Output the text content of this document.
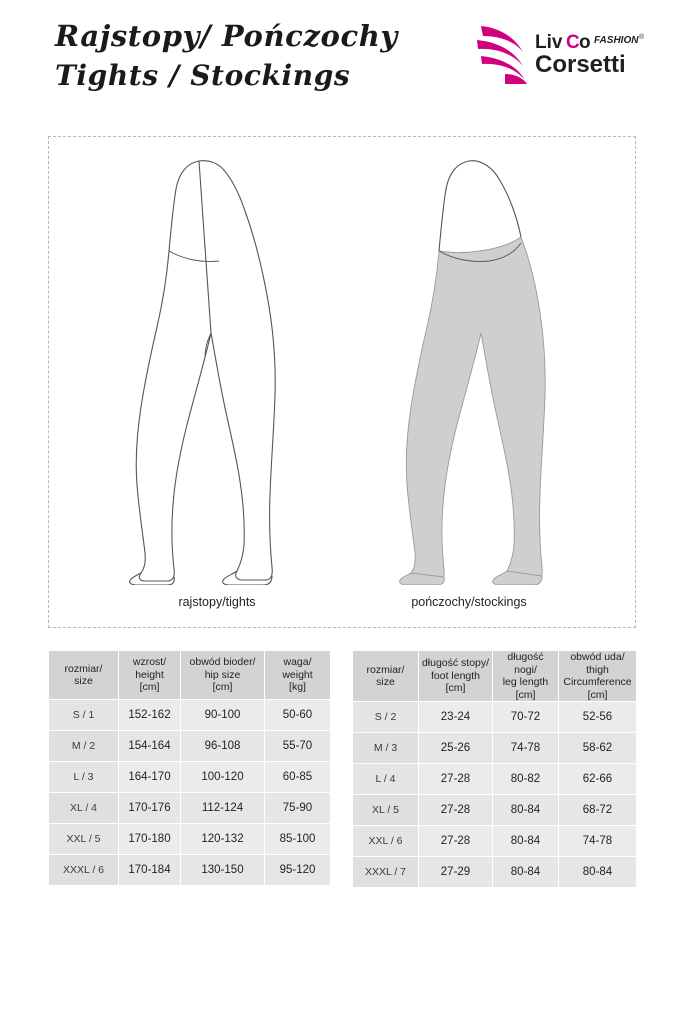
Rajstopy/ Pończochy
Tights / Stockings
Liv C o FASHION ®
Corsetti
rajstopy/tights	pończochy/stockings
rozmiar/
size	wzrost/
height
[cm]	obwód bioder/
hip size
[cm]	waga/
weight
[kg]

S / 1	152-162	90-100	50-60
M / 2	154-164	96-108	55-70
L / 3	164-170	100-120	60-85
XL / 4	170-176	112-124	75-90
XXL / 5	170-180	120-132	85-100
XXXL / 6	170-184	130-150	95-120
rozmiar/
size	długość stopy/
foot length
[cm]	długość nogi/
leg length
[cm]	obwód uda/
thigh
Circumference
[cm]

S / 2	23-24	70-72	52-56
M / 3	25-26	74-78	58-62
L / 4	27-28	80-82	62-66
XL / 5	27-28	80-84	68-72
XXL / 6	27-28	80-84	74-78
XXXL / 7	27-29	80-84	80-84
